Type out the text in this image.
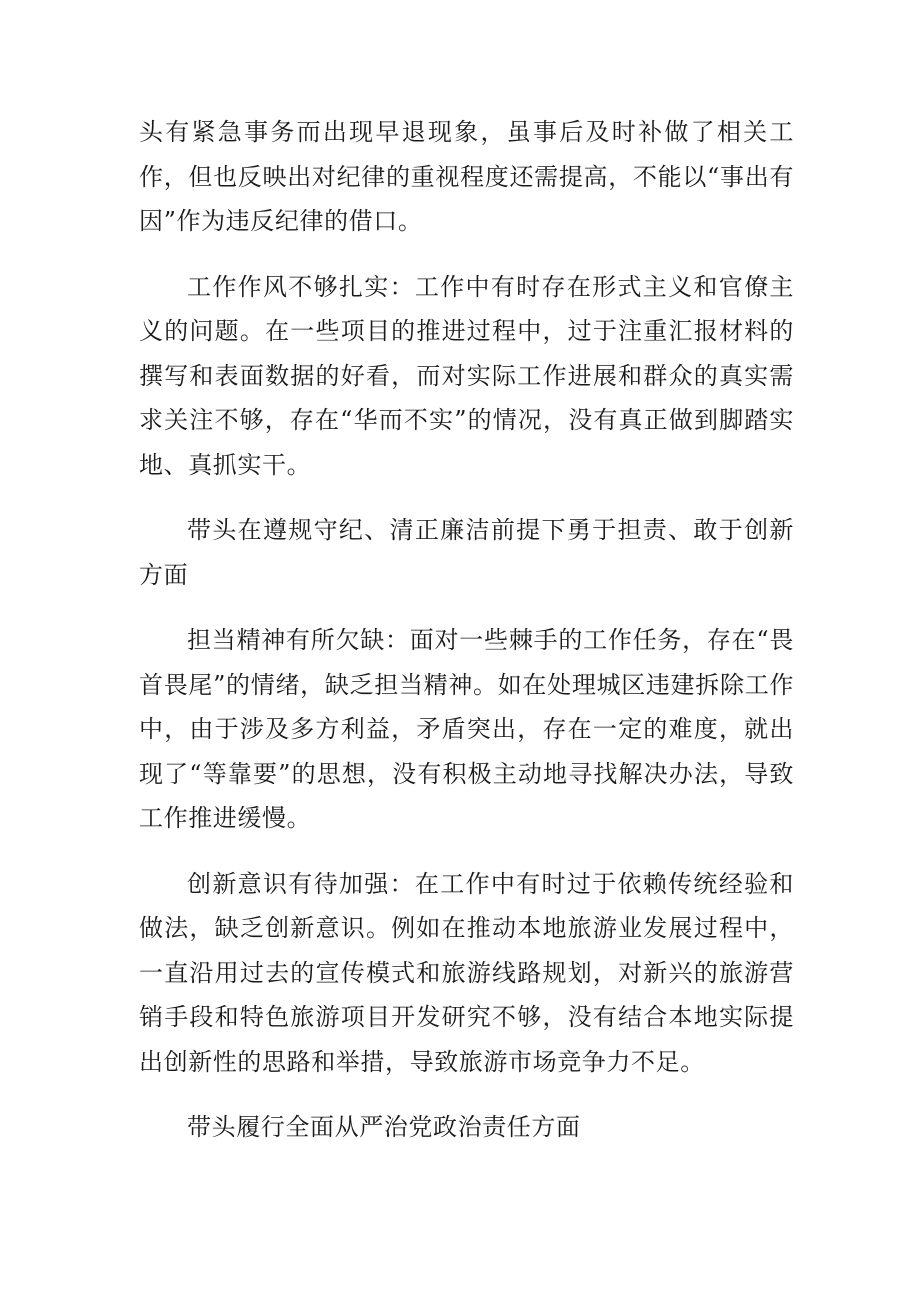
头有紧急事务而出现早退现象，虽事后及时补做了相关工作，但也反映出对纪律的重视程度还需提高，不能以“事出有因”作为违反纪律的借口。

工作作风不够扎实：工作中有时存在形式主义和官僚主义的问题。在一些项目的推进过程中，过于注重汇报材料的撰写和表面数据的好看，而对实际工作进展和群众的真实需求关注不够，存在“华而不实”的情况，没有真正做到脚踏实地、真抓实干。

带头在遵规守纪、清正廉洁前提下勇于担责、敢于创新方面

担当精神有所欠缺：面对一些棘手的工作任务，存在“畏首畏尾”的情绪，缺乏担当精神。如在处理城区违建拆除工作中，由于涉及多方利益，矛盾突出，存在一定的难度，就出现了“等靠要”的思想，没有积极主动地寻找解决办法，导致工作推进缓慢。

创新意识有待加强：在工作中有时过于依赖传统经验和做法，缺乏创新意识。例如在推动本地旅游业发展过程中，一直沿用过去的宣传模式和旅游线路规划，对新兴的旅游营销手段和特色旅游项目开发研究不够，没有结合本地实际提出创新性的思路和举措，导致旅游市场竞争力不足。

带头履行全面从严治党政治责任方面
